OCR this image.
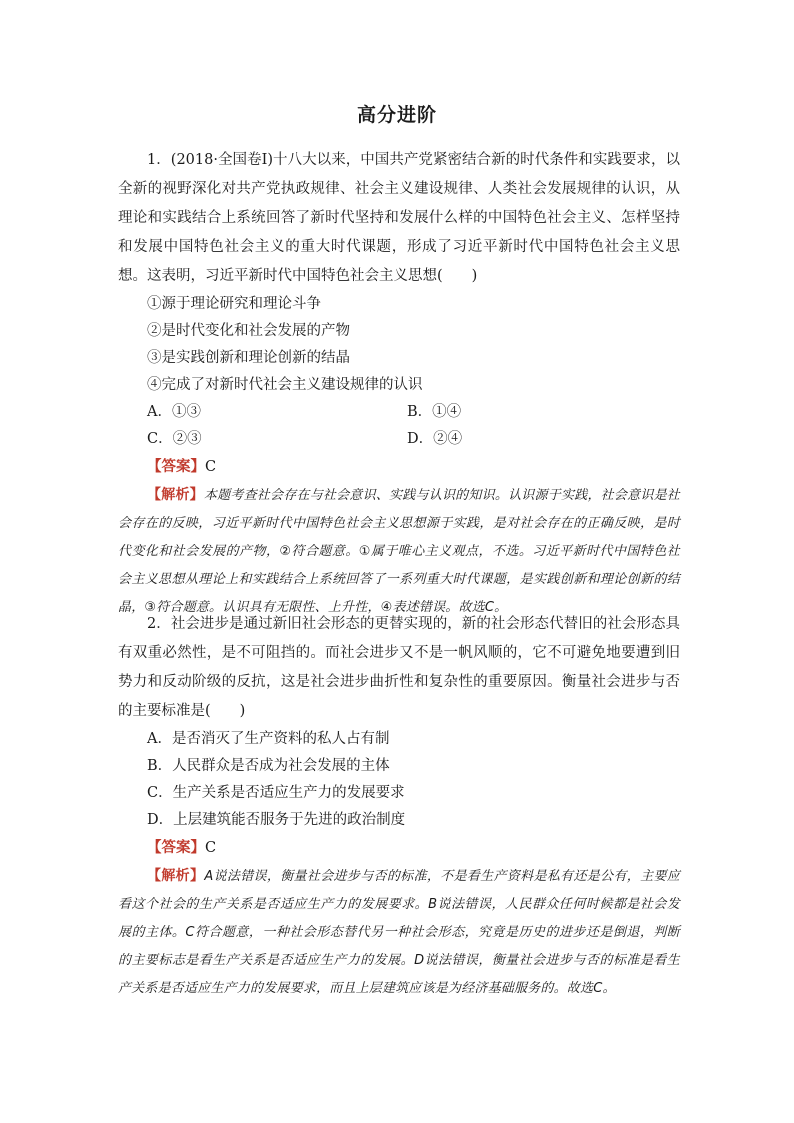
高分进阶

1．(2018·全国卷Ⅰ)十八大以来，中国共产党紧密结合新的时代条件和实践要求，以全新的视野深化对共产党执政规律、社会主义建设规律、人类社会发展规律的认识，从理论和实践结合上系统回答了新时代坚持和发展什么样的中国特色社会主义、怎样坚持和发展中国特色社会主义的重大时代课题，形成了习近平新时代中国特色社会主义思想。这表明，习近平新时代中国特色社会主义思想(　　)

①源于理论研究和理论斗争

②是时代变化和社会发展的产物

③是实践创新和理论创新的结晶

④完成了对新时代社会主义建设规律的认识

A．①③	B．①④
C．②③	D．②④

【答案】C

【解析】本题考查社会存在与社会意识、实践与认识的知识。认识源于实践，社会意识是社会存在的反映，习近平新时代中国特色社会主义思想源于实践，是对社会存在的正确反映，是时代变化和社会发展的产物，②符合题意。①属于唯心主义观点，不选。习近平新时代中国特色社会主义思想从理论上和实践结合上系统回答了一系列重大时代课题，是实践创新和理论创新的结晶，③符合题意。认识具有无限性、上升性，④表述错误。故选C。

2．社会进步是通过新旧社会形态的更替实现的，新的社会形态代替旧的社会形态具有双重必然性，是不可阻挡的。而社会进步又不是一帆风顺的，它不可避免地要遭到旧势力和反动阶级的反抗，这是社会进步曲折性和复杂性的重要原因。衡量社会进步与否的主要标准是(　　)

A．是否消灭了生产资料的私人占有制

B．人民群众是否成为社会发展的主体

C．生产关系是否适应生产力的发展要求

D．上层建筑能否服务于先进的政治制度

【答案】C

【解析】A说法错误，衡量社会进步与否的标准，不是看生产资料是私有还是公有，主要应看这个社会的生产关系是否适应生产力的发展要求。B说法错误，人民群众任何时候都是社会发展的主体。C符合题意，一种社会形态替代另一种社会形态，究竟是历史的进步还是倒退，判断的主要标志是看生产关系是否适应生产力的发展。D说法错误，衡量社会进步与否的标准是看生产关系是否适应生产力的发展要求，而且上层建筑应该是为经济基础服务的。故选C。
